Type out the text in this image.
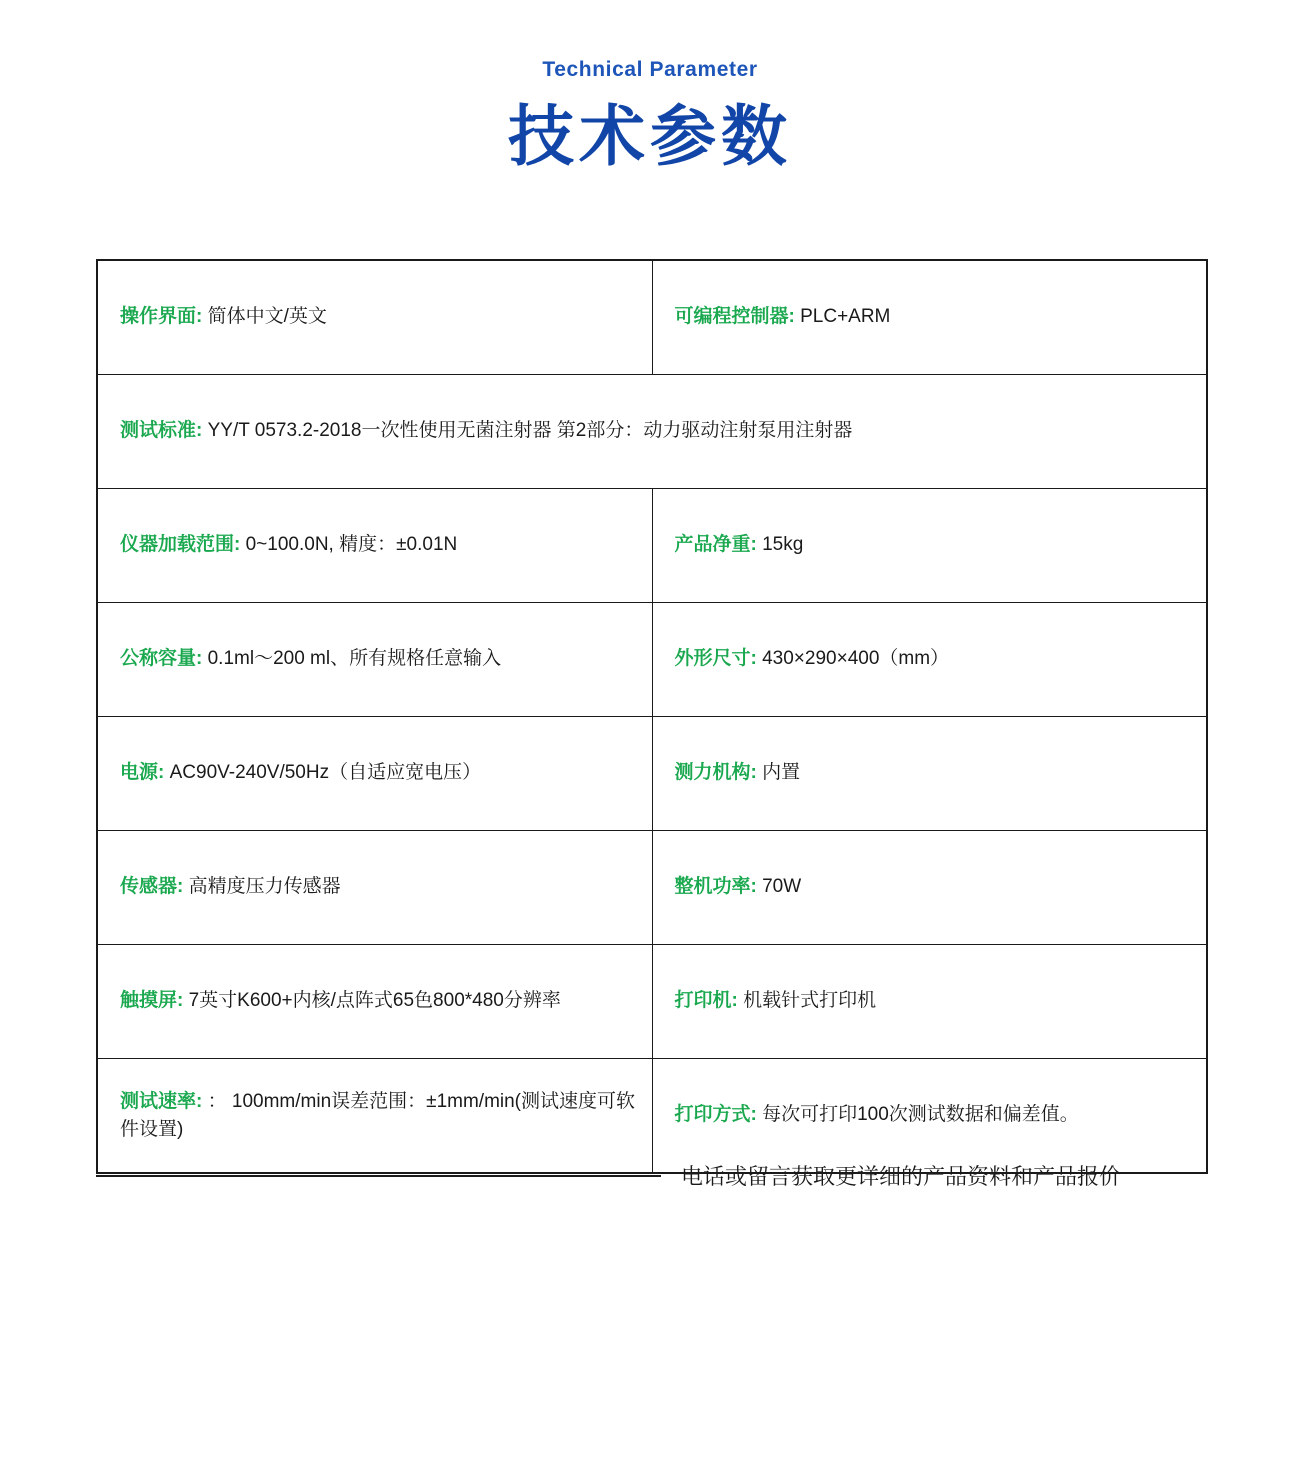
Technical Parameter
技术参数
操作界面: 简体中文/英文	可编程控制器: PLC+ARM

测试标准: YY/T 0573.2-2018一次性使用无菌注射器 第2部分：动力驱动注射泵用注射器	

仪器加载范围: 0~100.0N, 精度：±0.01N	产品净重: 15kg

公称容量: 0.1ml～200 ml、所有规格任意输入	外形尺寸: 430×290×400（mm）

电源: AC90V-240V/50Hz（自适应宽电压）	测力机构: 内置

传感器: 高精度压力传感器	整机功率: 70W

触摸屏: 7英寸K600+内核/点阵式65色800*480分辨率	打印机: 机载针式打印机

测试速率: ： 100mm/min误差范围：±1mm/min(测试速度可软件设置)	打印方式: 每次可打印100次测试数据和偏差值。
电话或留言获取更详细的产品资料和产品报价
